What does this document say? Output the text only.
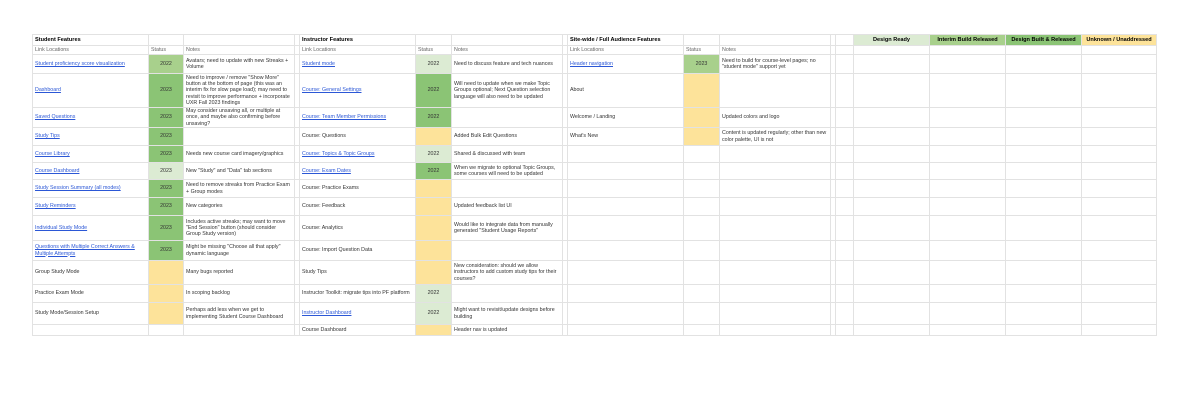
Student Features				Instructor Features				Site-wide / Full Audience Features					Design Ready	Interim Build Released	Design Built & Released	Unknown / Unaddressed
Link Locations	Status	Notes		Link Locations	Status	Notes		Link Locations	Status	Notes						
Student proficiency score visualization	2022	Avatars; need to update with new Streaks + Volume		Student mode	2022	Need to discuss feature and tech nuances		Header navigation	2023	Need to build for course-level pages; no "student mode" support yet						
Dashboard	2023	Need to improve / remove "Show More" button at the bottom of page (this was an interim fix for slow page load); may need to revisit to improve performance + incorporate UXR Fall 2023 findings		Course: General Settings	2022	Will need to update when we make Topic Groups optional; Next Question selection language will also need to be updated		About								
Saved Questions	2023	May consider unsaving all, or multiple at once, and maybe also confirming before unsaving?		Course: Team Member Permissions	2022			Welcome / Landing		Updated colors and logo						
Study Tips	2023			Course: Questions		Added Bulk Edit Questions		What's New		Content is updated regularly; other than new color palette, UI is not						
Course Library	2023	Needs new course card imagery/graphics		Course: Topics & Topic Groups	2022	Shared & discussed with team										
Course Dashboard	2023	New "Study" and "Data" tab sections		Course: Exam Dates	2022	When we migrate to optional Topic Groups, some courses will need to be updated										
Study Session Summary (all modes)	2023	Need to remove streaks from Practice Exam + Group modes		Course: Practice Exams												
Study Reminders	2023	New categories		Course: Feedback		Updated feedback list UI										
Individual Study Mode	2023	Includes active streaks; may want to move "End Session" button (should consider Group Study version)		Course: Analytics		Would like to integrate data from manually generated "Student Usage Reports"										
Questions with Multiple Correct Answers & Multiple Attempts	2023	Might be missing "Choose all that apply" dynamic language		Course: Import Question Data												
Group Study Mode		Many bugs reported		Study Tips		New consideration: should we allow instructors to add custom study tips for their courses?										
Practice Exam Mode		In scoping backlog		Instructor Toolkit: migrate tips into PF platform	2022											
Study Mode/Session Setup		Perhaps add less when we get to implementing Student Course Dashboard		Instructor Dashboard	2022	Might want to revisit/update designs before building										
				Course Dashboard		Header nav is updated										
